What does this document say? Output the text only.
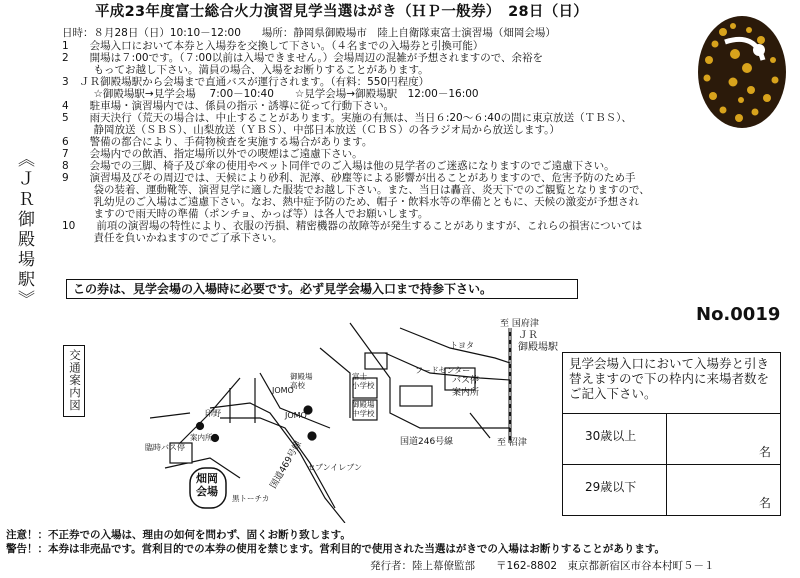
平成23年度富士総合火力演習見学当選はがき（ＨＰ一般券）　28日（日）
日時：８月28日（日）10:10－12:00　　場所：静岡県御殿場市　陸上自衛隊東富士演習場（畑岡会場）
1　　会場入口において本券と入場券を交換して下さい。（４名までの入場券と引換可能）
2　　開場は７:00です。（７:00以前は入場できません。）会場周辺の混雑が予想されますので、余裕を
　　　もってお越し下さい。満員の場合、入場をお断りすることがあります。
3　ＪＲ御殿場駅から会場まで直通バスが運行されます。（有料：550円程度）
　　　☆御殿場駅→見学会場　 7:00－10:40　　☆見学会場→御殿場駅　12:00－16:00
4　　駐車場・演習場内では、係員の指示・誘導に従って行動下さい。
5　　雨天決行（荒天の場合は、中止することがあります。実施の有無は、当日６:20～６:40の間に東京放送（ＴＢＳ）、
　　　静岡放送（ＳＢＳ）、山梨放送（ＹＢＳ）、中部日本放送（ＣＢＳ）の各ラジオ局から放送します。）
6　　警備の都合により、手荷物検査を実施する場合があります。
7　　会場内での飲酒、指定場所以外での喫煙はご遠慮下さい。
8　　会場での三脚、椅子及び傘の使用やペット同伴でのご入場は他の見学者のご迷惑になりますのでご遠慮下さい。
9　　演習場及びその周辺では、天候により砂利、泥濘、砂塵等による影響が出ることがありますので、危害予防のため手
　　　袋の装着、運動靴等、演習見学に適した服装でお越し下さい。また、当日は轟音、炎天下でのご観覧となりますので、
　　　乳幼児のご入場はご遠慮下さい。なお、熱中症予防のため、帽子・飲料水等の準備とともに、天候の激変が予想され
　　　ますので雨天時の準備（ポンチョ、かっぱ等）は各人でお願いします。
10　　前項の演習場の特性により、衣服の汚損、精密機器の故障等が発生することがありますが、これらの損害については
　　　責任を負いかねますのでご了承下さい。
《ＪＲ御殿場駅》	この券は、見学会場の入場時に必要です。必ず見学会場入口まで持参下さい。
No.0019
交通案内図
至 国府津
ＪＲ
御殿場駅
トヨタ
フードセンター
バス停
案内所
JOMO
JOMO
御殿場
高校
富士
小学校
御殿場
中学校
国道246号線	至 沼津
印野
臨時バス停
案内所
畑岡
会場
国道469号線 セブンイレブン
黒トーチカ
見学会場入口において入場券と引き替えますので下の枠内に来場者数をご記入下さい。
30歳以上
名
29歳以下
名
注意！：不正券での入場は、理由の如何を問わず、固くお断り致します。
警告！：本券は非売品です。営利目的での本券の使用を禁じます。営利目的で使用された当選はがきでの入場はお断りすることがあります。
発行者：陸上幕僚監部　　〒162-8802　東京都新宿区市谷本村町５－１
